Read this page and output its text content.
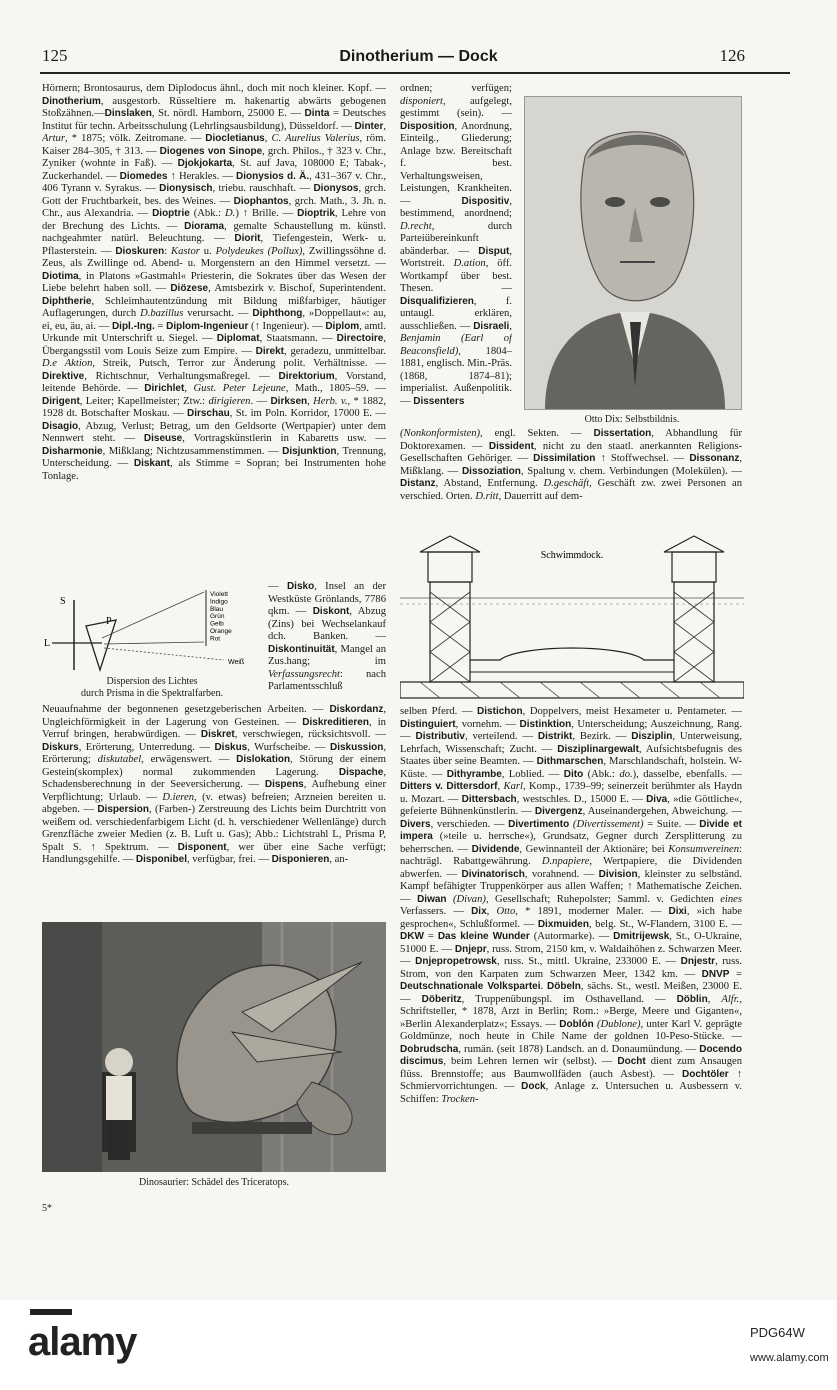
125	Dinotherium — Dock	126
Hörnern; Brontosaurus, dem Diplodocus ähnl., doch mit noch kleiner. Kopf. — Dinotherium, ausgestorb. Rüsseltiere m. hakenartig abwärts gebogenen Stoßzähnen.—Dinslaken, St. nördl. Hamborn, 25000 E. — Dinta = Deutsches Institut für techn. Arbeitsschulung (Lehrlingsausbildung), Düsseldorf. — Dinter, Artur, * 1875; völk. Zeitromane. — Diocletianus, C. Aurelius Valerius, röm. Kaiser 284–305, † 313. — Diogenes von Sinope, grch. Philos., † 323 v. Chr., Zyniker (wohnte in Faß). — Djokjokarta, St. auf Java, 108000 E; Tabak-, Zuckerhandel. — Diomedes ↑ Herakles. — Dionysios d. Ä., 431–367 v. Chr., 406 Tyrann v. Syrakus. — Dionysisch, triebu. rauschhaft. — Dionysos, grch. Gott der Fruchtbarkeit, bes. des Weines. — Diophantos, grch. Math., 3. Jh. n. Chr., aus Alexandria. — Dioptrie (Abk.: D.) ↑ Brille. — Dioptrik, Lehre von der Brechung des Lichts. — Diorama, gemalte Schaustellung m. künstl. nachgeahmter natürl. Beleuchtung. — Diorit, Tiefengestein, Werk- u. Pflasterstein. — Dioskuren: Kastor u. Polydeukes (Pollux), Zwillingssöhne d. Zeus, als Zwillinge od. Abend- u. Morgenstern an den Himmel versetzt. — Diotima, in Platons »Gastmahl« Priesterin, die Sokrates über das Wesen der Liebe belehrt haben soll. — Diözese, Amtsbezirk v. Bischof, Superintendent. Diphtherie, Schleimhautentzündung mit Bildung mißfarbiger, häutiger Auflagerungen, durch D.bazillus verursacht. — Diphthong, »Doppellaut«: au, ei, eu, äu, ai. — Dipl.-Ing. = Diplom-Ingenieur (↑ Ingenieur). — Diplom, amtl. Urkunde mit Unterschrift u. Siegel. — Diplomat, Staatsmann. — Directoire, Übergangsstil vom Louis Seize zum Empire. — Direkt, geradezu, unmittelbar. D.e Aktion, Streik, Putsch, Terror zur Änderung polit. Verhältnisse. — Direktive, Richtschnur, Verhaltungsmaßregel. — Direktorium, Vorstand, leitende Behörde. — Dirichlet, Gust. Peter Lejeune, Math., 1805–59. — Dirigent, Leiter; Kapellmeister; Ztw.: dirigieren. — Dirksen, Herb. v., * 1882, 1928 dt. Botschafter Moskau. — Dirschau, St. im Poln. Korridor, 17000 E. — Disagio, Abzug, Verlust; Betrag, um den Geldsorte (Wertpapier) unter dem Nennwert steht. — Diseuse, Vortragskünstlerin in Kabaretts usw. — Disharmonie, Mißklang; Nichtzusammenstimmen. — Disjunktion, Trennung, Unterscheidung. — Diskant, als Stimme = Sopran; bei Instrumenten hohe Tonlage.
S
L
P
Violett
Indigo
Blau
Grün
Gelb
Orange
Rot
Weiß
Dispersion des Lichtes
durch Prisma in die Spektralfarben.
— Disko, Insel an der Westküste Grönlands, 7786 qkm. — Diskont, Abzug (Zins) bei Wechselankauf dch. Banken. — Diskontinuität, Mangel an Zus.hang; im Verfassungsrecht: nach Parlamentsschluß
Neuaufnahme der begonnenen gesetzgeberischen Arbeiten. — Diskordanz, Ungleichförmigkeit in der Lagerung von Gesteinen. — Diskreditieren, in Verruf bringen, herabwürdigen. — Diskret, verschwiegen, rücksichtsvoll. — Diskurs, Erörterung, Unterredung. — Diskus, Wurfscheibe. — Diskussion, Erörterung; diskutabel, erwägenswert. — Dislokation, Störung der einem Gestein(skomplex) normal zukommenden Lagerung. Dispache, Schadensberechnung in der Seeversicherung. — Dispens, Aufhebung einer Verpflichtung; Urlaub. — D.ieren, (v. etwas) befreien; Arzneien bereiten u. abgeben. — Dispersion, (Farben-) Zerstreuung des Lichts beim Durchtritt von weißem od. verschiedenfarbigem Licht (d. h. verschiedener Wellenlänge) durch Grenzfläche zweier Medien (z. B. Luft u. Gas); Abb.: Lichtstrahl L, Prisma P, Spalt S. ↑ Spektrum. — Disponent, wer über eine Sache verfügt; Handlungsgehilfe. — Disponibel, verfügbar, frei. — Disponieren, an-
Dinosaurier: Schädel des Triceratops.
ordnen; verfügen; disponiert, aufgelegt, gestimmt (sein). — Disposition, Anordnung, Einteilg., Gliederung; Anlage bzw. Bereitschaft f. best. Verhaltungsweisen, Leistungen, Krankheiten. — Dispositiv, bestimmend, anordnend; D.recht, durch Parteiübereinkunft abänderbar. — Disput, Wortstreit. D.ation, öff. Wortkampf über best. Thesen. — Disqualifizieren, f. untaugl. erklären, ausschließen. — Disraeli, Benjamin (Earl of Beaconsfield), 1804–1881, englisch. Min.-Präs. (1868, 1874–81); imperialist. Außenpolitik. — Dissenters
Otto Dix: Selbstbildnis.
(Nonkonformisten), engl. Sekten. — Dissertation, Abhandlung für Doktorexamen. — Dissident, nicht zu den staatl. anerkannten Religions-Gesellschaften Gehöriger. — Dissimilation ↑ Stoffwechsel. — Dissonanz, Mißklang. — Dissoziation, Spaltung v. chem. Verbindungen (Molekülen). — Distanz, Abstand, Entfernung. D.geschäft, Geschäft zw. zwei Personen an verschied. Orten. D.ritt, Dauerritt auf dem-
Schwimmdock.
selben Pferd. — Distichon, Doppelvers, meist Hexameter u. Pentameter. — Distinguiert, vornehm. — Distinktion, Unterscheidung; Auszeichnung, Rang. — Distributiv, verteilend. — Distrikt, Bezirk. — Disziplin, Unterweisung, Lehrfach, Wissenschaft; Zucht. — Disziplinargewalt, Aufsichtsbefugnis des Staates über seine Beamten. — Dithmarschen, Marschlandschaft, holstein. W-Küste. — Dithyrambe, Loblied. — Dito (Abk.: do.), dasselbe, ebenfalls. — Ditters v. Dittersdorf, Karl, Komp., 1739–99; seinerzeit berühmter als Haydn u. Mozart. — Dittersbach, westschles. D., 15000 E. — Diva, »die Göttliche«, gefeierte Bühnenkünstlerin. — Divergenz, Auseinandergehen, Abweichung. — Divers, verschieden. — Divertimento (Divertissement) = Suite. — Divide et impera (»teile u. herrsche«), Grundsatz, Gegner durch Zersplitterung zu beherrschen. — Dividende, Gewinnanteil der Aktionäre; bei Konsumvereinen: nachträgl. Rabattgewährung. D.npapiere, Wertpapiere, die Dividenden abwerfen. — Divinatorisch, vorahnend. — Division, kleinster zu selbständ. Kampf befähigter Truppenkörper aus allen Waffen; ↑ Mathematische Zeichen. — Diwan (Divan), Gesellschaft; Ruhepolster; Samml. v. Gedichten eines Verfassers. — Dix, Otto, * 1891, moderner Maler. — Dixi, »ich habe gesprochen«, Schlußformel. — Dixmuiden, belg. St., W-Flandern, 3100 E. — DKW = Das kleine Wunder (Autormarke). — Dmitrijewsk, St., O-Ukraine, 51000 E. — Dnjepr, russ. Strom, 2150 km, v. Waldaihöhen z. Schwarzen Meer. — Dnjepropetrowsk, russ. St., mittl. Ukraine, 233000 E. — Dnjestr, russ. Strom, von den Karpaten zum Schwarzen Meer, 1342 km. — DNVP = Deutschnationale Volkspartei. Döbeln, sächs. St., westl. Meißen, 23000 E. — Döberitz, Truppenübungspl. im Osthavelland. — Döblin, Alfr., Schriftsteller, * 1878, Arzt in Berlin; Rom.: »Berge, Meere und Giganten«, »Berlin Alexanderplatz«; Essays. — Doblón (Dublone), unter Karl V. geprägte Goldmünze, noch heute in Chile Name der goldnen 10-Peso-Stücke. — Dobrudscha, rumän. (seit 1878) Landsch. an d. Donaumündung. — Docendo discimus, beim Lehren lernen wir (selbst). — Docht dient zum Ansaugen flüss. Brennstoffe; aus Baumwollfäden (auch Asbest). — Dochtöler ↑ Schmiervorrichtungen. — Dock, Anlage z. Untersuchen u. Ausbessern v. Schiffen: Trocken-
5*
alamy	PDG64W
www.alamy.com
